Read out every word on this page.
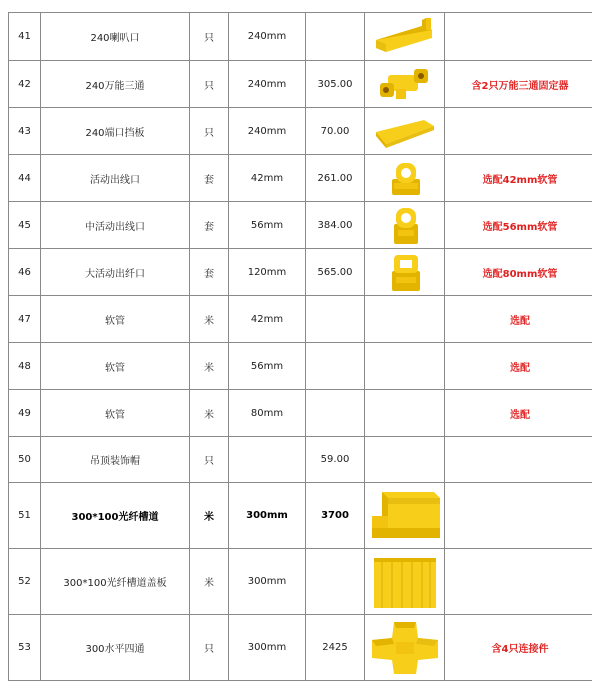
41	240喇叭口	只	240mm		

42	240万能三通	只	240mm	305.00		含2只万能三通固定器
43	240端口挡板	只	240mm	70.00	

44	活动出线口	套	42mm	261.00		选配42mm软管
45	中活动出线口	套	56mm	384.00		选配56mm软管
46	大活动出纤口	套	120mm	565.00		选配80mm软管
47	软管	米	42mm			选配
48	软管	米	56mm			选配
49	软管	米	80mm			选配
50	吊顶装饰帽	只		59.00		
51	300*100光纤槽道	米	300mm	3700	

52	300*100光纤槽道盖板	米	300mm		

53	300水平四通	只	300mm	2425		含4只连接件
